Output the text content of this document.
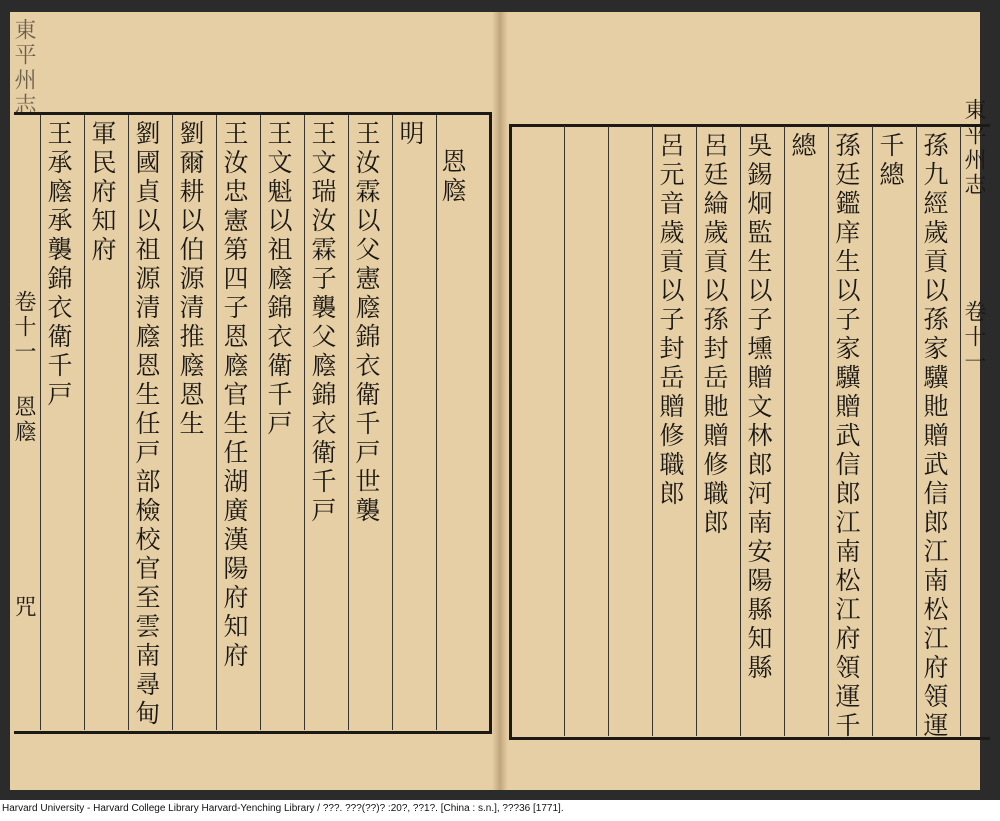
東平州志
卷十一
恩廕
咒
恩廕
明
王汝霖以父憲廕錦衣衛千戸世襲
王文瑞汝霖子襲父廕錦衣衛千戸
王文魁以祖廕錦衣衛千戸
王汝忠憲第四子恩廕官生任湖廣漢陽府知府
劉爾耕以伯源清推廕恩生
劉國貞以祖源清廕恩生任戸部檢校官至雲南尋甸
軍民府知府
王承廕承襲錦衣衛千戸	東平州志
卷十一
孫九經歲貢以孫家驥貤贈武信郎江南松江府領運
千總
孫廷鑑庠生以子家驥贈武信郎江南松江府領運千
總
吳錫炯監生以子壎贈文林郎河南安陽縣知縣
呂廷綸歲貢以孫封岳貤贈修職郎
呂元音歲貢以子封岳贈修職郎
Harvard University - Harvard College Library Harvard-Yenching Library / ???. ???(??)? :20?, ??1?. [China : s.n.], ???36 [1771].
